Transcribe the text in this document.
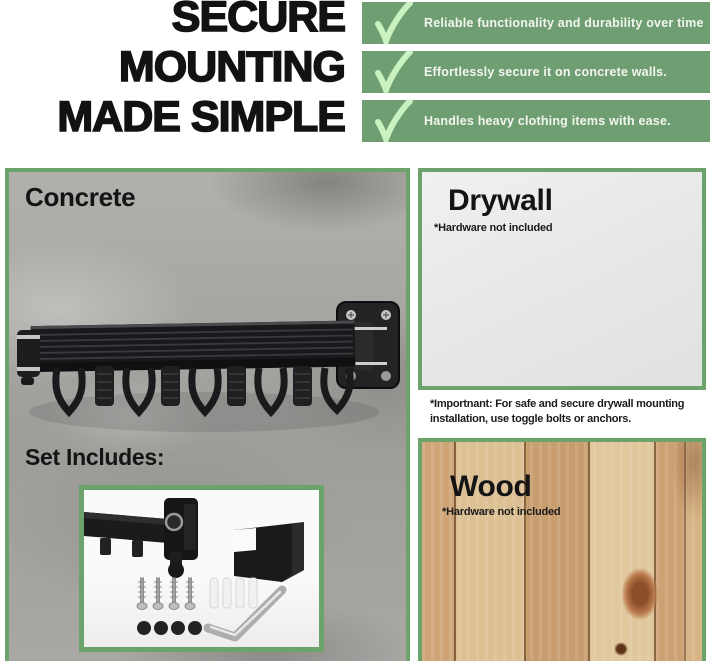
SECURE
MOUNTING
MADE SIMPLE
Reliable functionality and durability over time
Effortlessly secure it on concrete walls.
Handles heavy clothing items with ease.
Concrete
Set Includes:
Drywall
*Hardware not included
*Importnant: For safe and secure drywall mounting installation, use toggle bolts or anchors.
Wood
*Hardware not included
